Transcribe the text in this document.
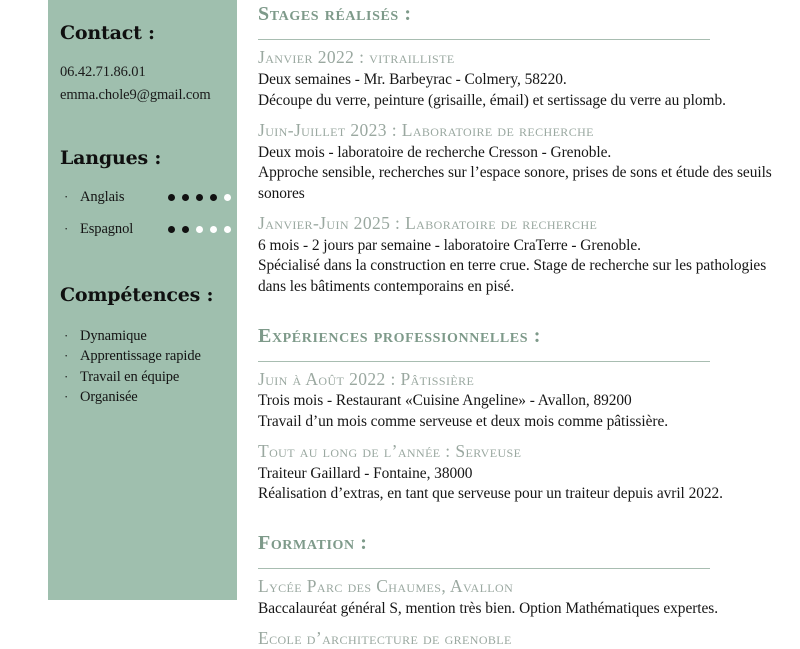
Contact :
06.42.71.86.01
emma.chole9@gmail.com
Langues :
· Anglais
· Espagnol
Compétences :
· Dynamique
· Apprentissage rapide
· Travail en équipe
· Organisée
Stages réalisés :
Janvier 2022 : vitrailliste

Deux semaines - Mr. Barbeyrac - Colmery, 58220.

Découpe du verre, peinture (grisaille, émail) et sertissage du verre au plomb.

Juin-Juillet 2023 : Laboratoire de recherche

Deux mois - laboratoire de recherche Cresson - Grenoble.

Approche sensible, recherches sur l’espace sonore, prises de sons et étude des seuils sonores

Janvier-Juin 2025 : Laboratoire de recherche

6 mois - 2 jours par semaine - laboratoire CraTerre - Grenoble.

Spécialisé dans la construction en terre crue. Stage de recherche sur les pathologies dans les bâtiments contemporains en pisé.

Expériences professionnelles :
Juin à Août 2022 : Pâtissière

Trois mois - Restaurant «Cuisine Angeline» - Avallon, 89200

Travail d’un mois comme serveuse et deux mois comme pâtissière.

Tout au long de l’année : Serveuse

Traiteur Gaillard - Fontaine, 38000

Réalisation d’extras, en tant que serveuse pour un traiteur depuis avril 2022.

Formation :
Lycée Parc des Chaumes, Avallon

Baccalauréat général S, mention très bien. Option Mathématiques expertes.

Ecole d’architecture de grenoble
